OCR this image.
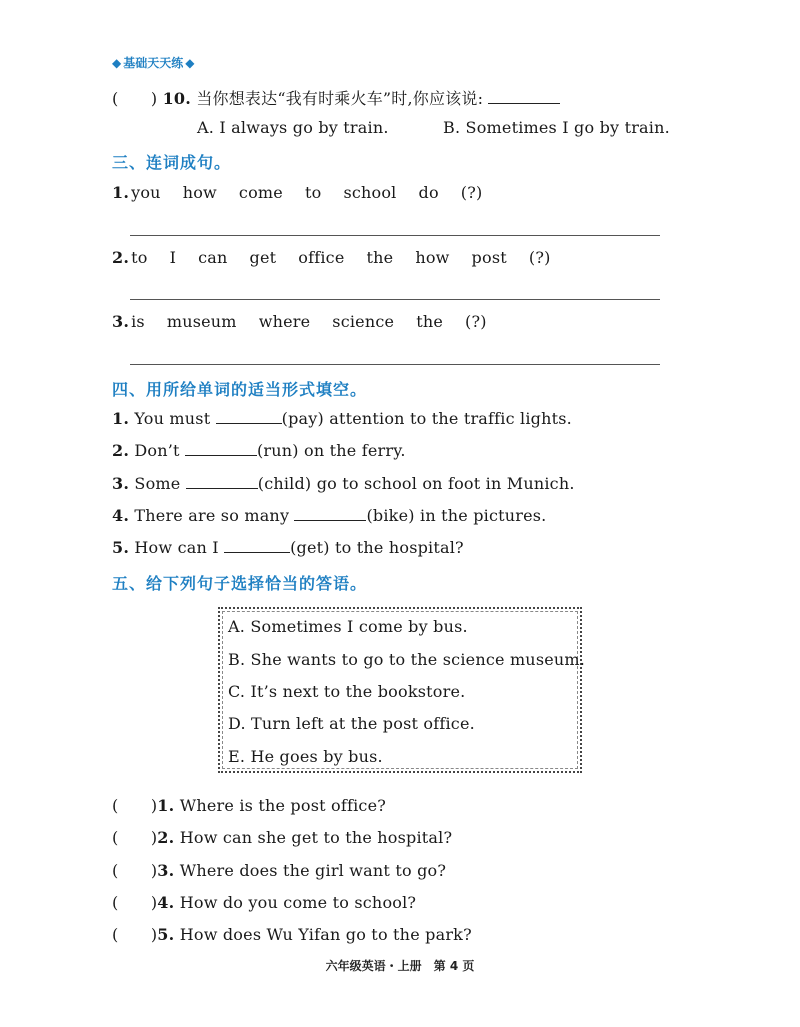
◆ 基础天天练 ◆
(　　) 10. 当你想表达“我有时乘火车”时,你应该说:
A. I always go by train.	B. Sometimes I go by train.
三、连词成句。
1. you how come to school do (?)
2. to I can get office the how post (?)
3. is museum where science the (?)
四、用所给单词的适当形式填空。
1. You must	(pay) attention to the traffic lights.
2. Don’t	(run) on the ferry.
3. Some	(child) go to school on foot in Munich.
4. There are so many	(bike) in the pictures.
5. How can I	(get) to the hospital?
五、给下列句子选择恰当的答语。
A. Sometimes I come by bus.
B. She wants to go to the science museum.
C. It’s next to the bookstore.
D. Turn left at the post office.
E. He goes by bus.
(　　)1. Where is the post office?
(　　)2. How can she get to the hospital?
(　　)3. Where does the girl want to go?
(　　)4. How do you come to school?
(　　)5. How does Wu Yifan go to the park?
六年级英语・上册　第 4 页
